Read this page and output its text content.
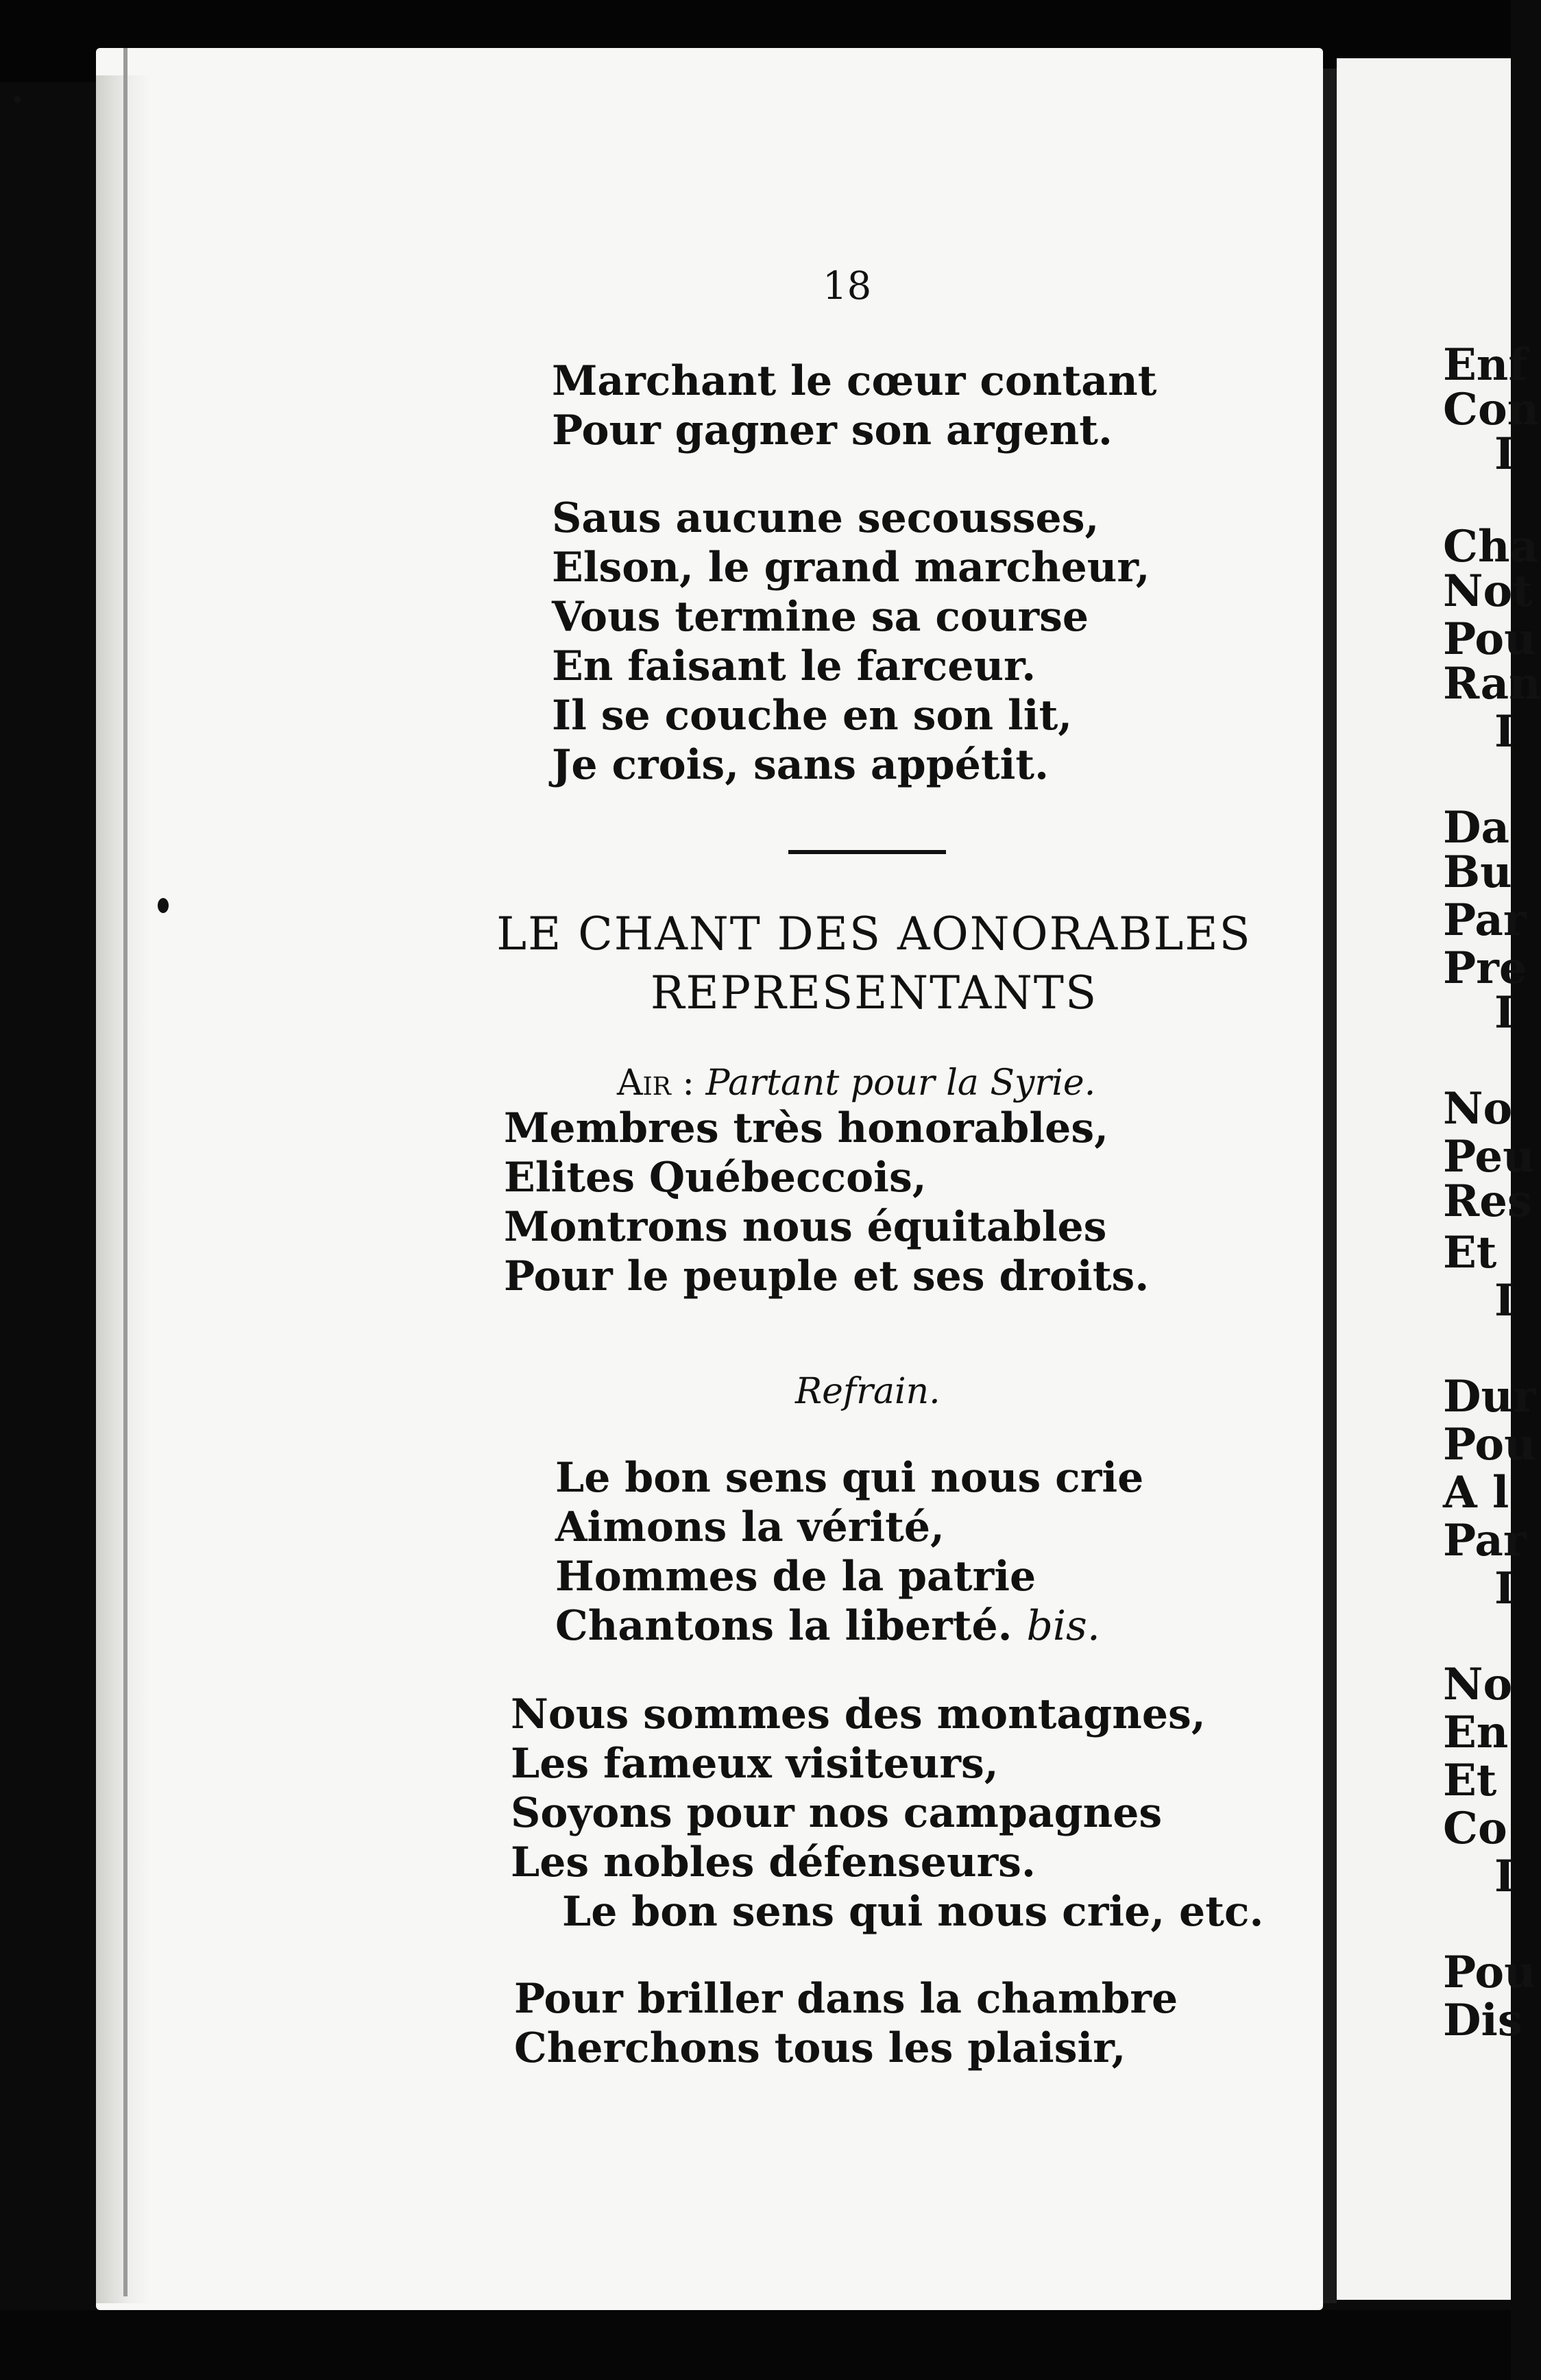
18
Marchant le cœur contant
Pour gagner son argent.
Saus aucune secousses,
Elson, le grand marcheur,
Vous termine sa course
En faisant le farceur.
Il se couche en son lit,
Je crois, sans appétit.
LE CHANT DES AONORABLES
REPRESENTANTS
Air : Partant pour la Syrie.
Membres très honorables,
Elites Québeccois,
Montrons nous équitables
Pour le peuple et ses droits.
Refrain.
Le bon sens qui nous crie
Aimons la vérité,
Hommes de la patrie
Chantons la liberté. bis.
Nous sommes des montagnes,
Les fameux visiteurs,
Soyons pour nos campagnes
Les nobles défenseurs.
Le bon sens qui nous crie, etc.
Pour briller dans la chambre
Cherchons tous les plaisir,
Enf
Con
I
Cha
Not
Pou
Ran
I
Da
Bu
Par
Pre
I
No
Peu
Res
Et
I
Dur
Pou
A l
Par
I
No
En
Et
Co
I
Pou
Dis
